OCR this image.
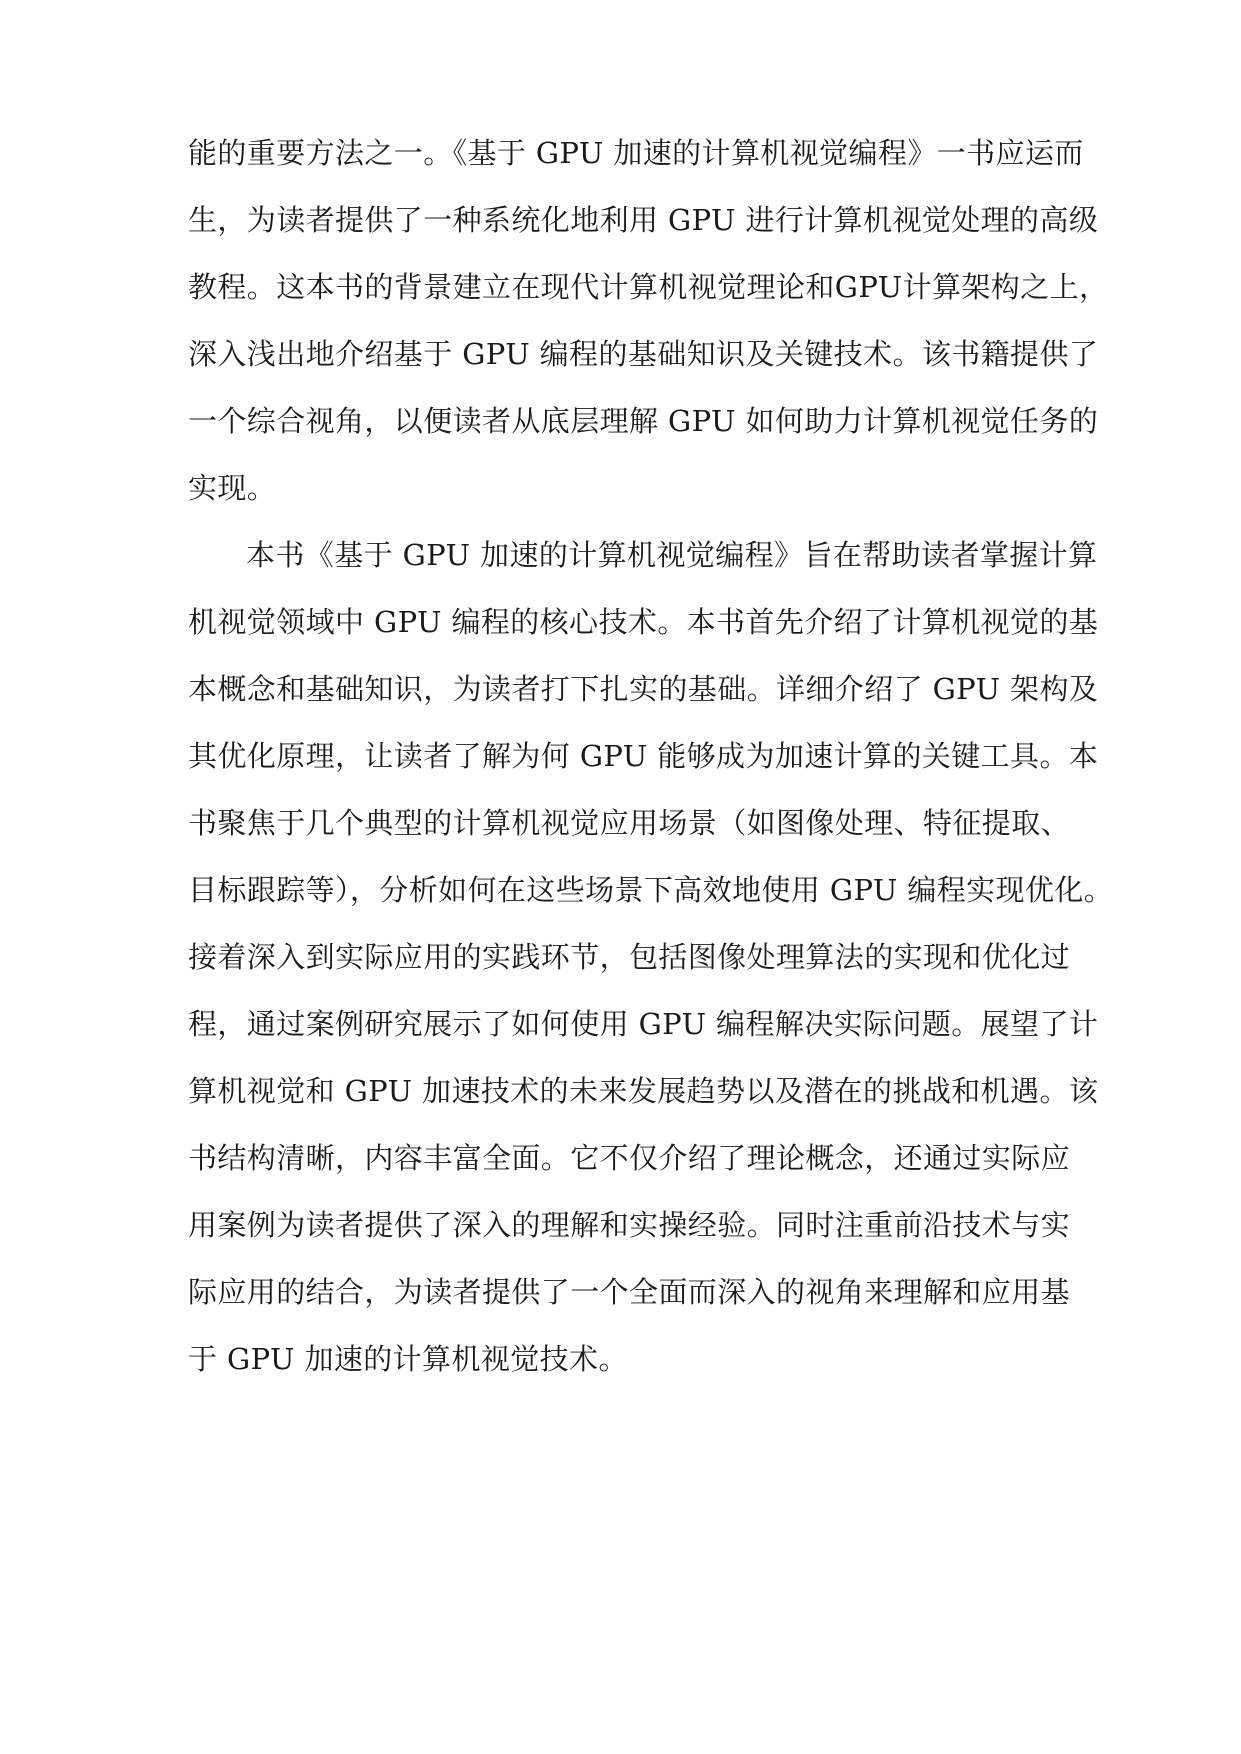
能的重要方法之一。《基于 GPU 加速的计算机视觉编程》一书应运而
生，为读者提供了一种系统化地利用 GPU 进行计算机视觉处理的高级
教程。这本书的背景建立在现代计算机视觉理论和GPU计算架构之上，
深入浅出地介绍基于 GPU 编程的基础知识及关键技术。该书籍提供了
一个综合视角，以便读者从底层理解 GPU 如何助力计算机视觉任务的
实现。
本书《基于 GPU 加速的计算机视觉编程》旨在帮助读者掌握计算
机视觉领域中 GPU 编程的核心技术。本书首先介绍了计算机视觉的基
本概念和基础知识，为读者打下扎实的基础。详细介绍了 GPU 架构及
其优化原理，让读者了解为何 GPU 能够成为加速计算的关键工具。本
书聚焦于几个典型的计算机视觉应用场景（如图像处理、特征提取、
目标跟踪等），分析如何在这些场景下高效地使用 GPU 编程实现优化。
接着深入到实际应用的实践环节，包括图像处理算法的实现和优化过
程，通过案例研究展示了如何使用 GPU 编程解决实际问题。展望了计
算机视觉和 GPU 加速技术的未来发展趋势以及潜在的挑战和机遇。该
书结构清晰，内容丰富全面。它不仅介绍了理论概念，还通过实际应
用案例为读者提供了深入的理解和实操经验。同时注重前沿技术与实
际应用的结合，为读者提供了一个全面而深入的视角来理解和应用基
于 GPU 加速的计算机视觉技术。
